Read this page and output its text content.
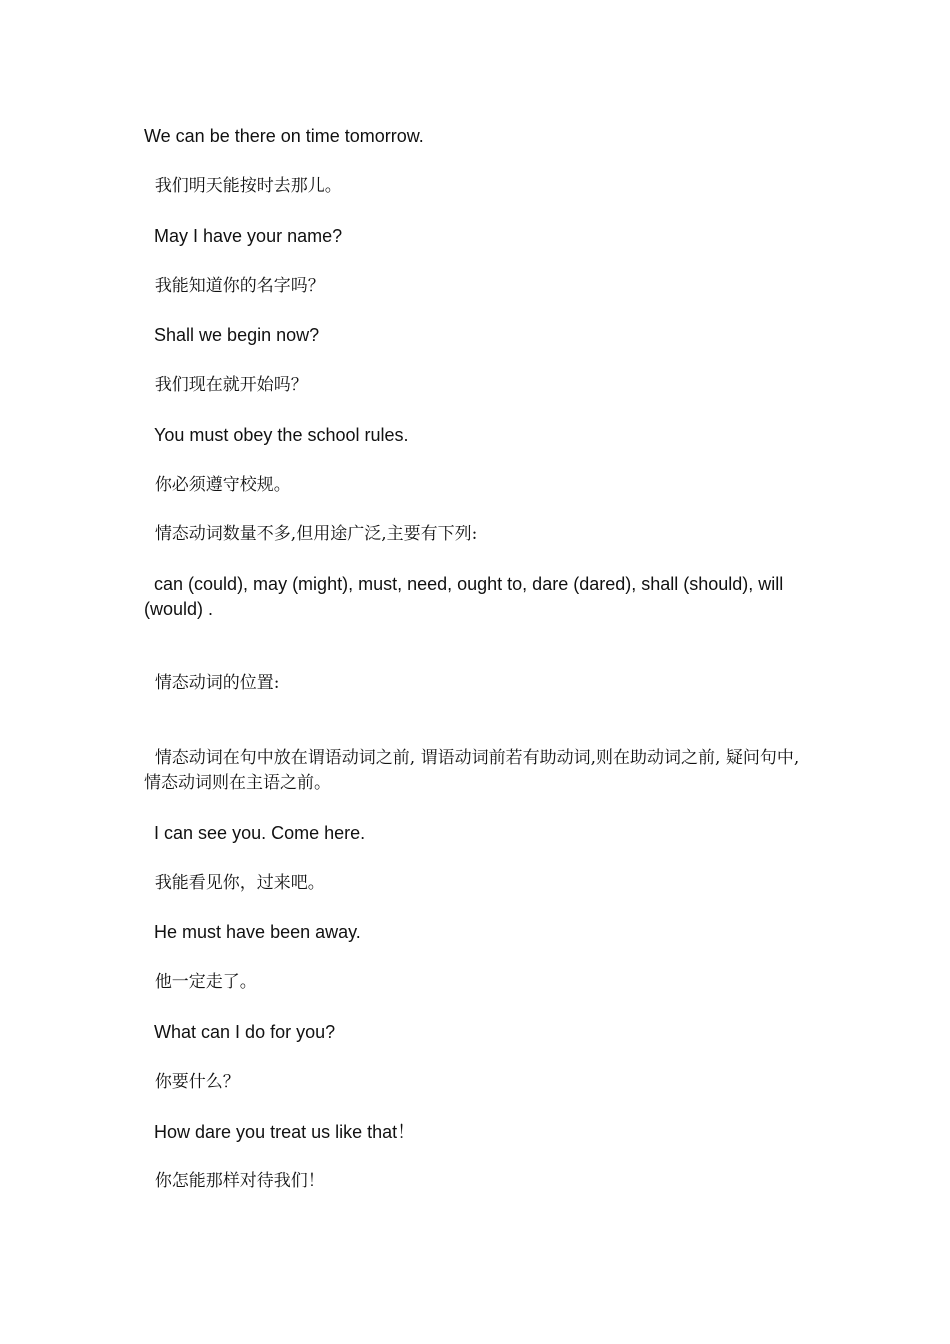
We can be there on time tomorrow.

我们明天能按时去那儿。

May I have your name?

我能知道你的名字吗？

Shall we begin now?

我们现在就开始吗？

You must obey the school rules.

你必须遵守校规。

情态动词数量不多,但用途广泛,主要有下列:

can (could), may (might), must, need, ought to, dare (dared), shall (should), will (would) .

情态动词的位置:

情态动词在句中放在谓语动词之前, 谓语动词前若有助动词,则在助动词之前, 疑问句中, 情态动词则在主语之前。

I can see you. Come here.

我能看见你，过来吧。

He must have been away.

他一定走了。

What can I do for you?

你要什么？

How dare you treat us like that！

你怎能那样对待我们！
